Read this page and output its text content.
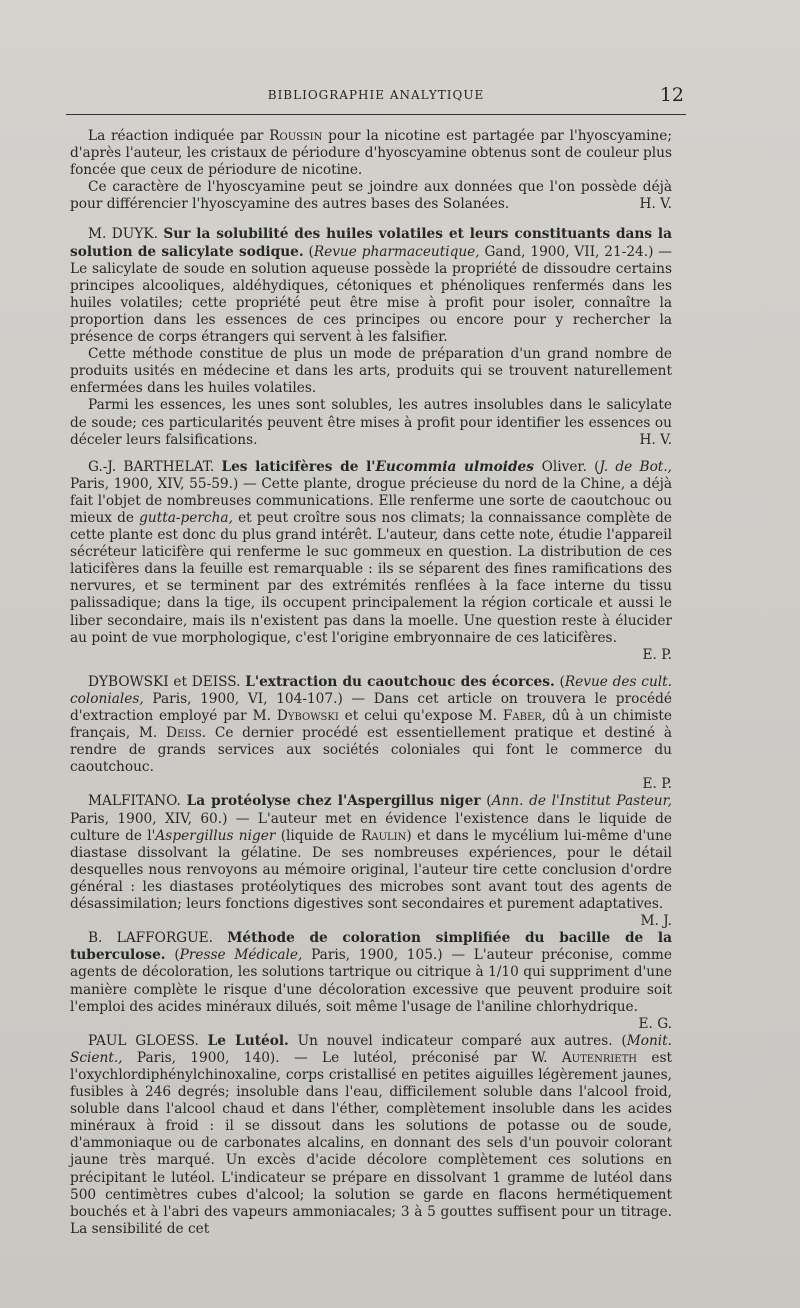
BIBLIOGRAPHIE ANALYTIQUE	12

La réaction indiquée par Roussin pour la nicotine est partagée par l'hyoscyamine; d'après l'auteur, les cristaux de périodure d'hyoscyamine obtenus sont de couleur plus foncée que ceux de périodure de nicotine.

Ce caractère de l'hyoscyamine peut se joindre aux données que l'on possède déjà pour différencier l'hyoscyamine des autres bases des Solanées.	H. V.

M. DUYK. Sur la solubilité des huiles volatiles et leurs constituants dans la solution de salicylate sodique. (Revue pharmaceutique, Gand, 1900, VII, 21-24.) — Le salicylate de soude en solution aqueuse possède la propriété de dissoudre certains principes alcooliques, aldéhydiques, cétoniques et phénoliques renfermés dans les huiles volatiles; cette propriété peut être mise à profit pour isoler, connaître la proportion dans les essences de ces principes ou encore pour y rechercher la présence de corps étrangers qui servent à les falsifier.

Cette méthode constitue de plus un mode de préparation d'un grand nombre de produits usités en médecine et dans les arts, produits qui se trouvent naturellement enfermées dans les huiles volatiles.

Parmi les essences, les unes sont solubles, les autres insolubles dans le salicylate de soude; ces particularités peuvent être mises à profit pour identifier les essences ou déceler leurs falsifications.	H. V.

G.-J. BARTHELAT. Les laticifères de l'Eucommia ulmoides Oliver. (J. de Bot., Paris, 1900, XIV, 55-59.) — Cette plante, drogue précieuse du nord de la Chine, a déjà fait l'objet de nombreuses communications. Elle renferme une sorte de caoutchouc ou mieux de gutta-percha, et peut croître sous nos climats; la connaissance complète de cette plante est donc du plus grand intérêt. L'auteur, dans cette note, étudie l'appareil sécréteur laticifère qui renferme le suc gommeux en question. La distribution de ces laticifères dans la feuille est remarquable : ils se séparent des fines ramifications des nervures, et se terminent par des extrémités renflées à la face interne du tissu palissadique; dans la tige, ils occupent principalement la région corticale et aussi le liber secondaire, mais ils n'existent pas dans la moelle. Une question reste à élucider au point de vue morphologique, c'est l'origine embryonnaire de ces laticifères.

E. P.

DYBOWSKI et DEISS. L'extraction du caoutchouc des écorces. (Revue des cult. coloniales, Paris, 1900, VI, 104-107.) — Dans cet article on trouvera le procédé d'extraction employé par M. Dybowski et celui qu'expose M. Faber, dû à un chimiste français, M. Deiss. Ce dernier procédé est essentiellement pratique et destiné à rendre de grands services aux sociétés coloniales qui font le commerce du caoutchouc.

E. P.

MALFITANO. La protéolyse chez l'Aspergillus niger (Ann. de l'Institut Pasteur, Paris, 1900, XIV, 60.) — L'auteur met en évidence l'existence dans le liquide de culture de l'Aspergillus niger (liquide de Raulin) et dans le mycélium lui-même d'une diastase dissolvant la gélatine. De ses nombreuses expériences, pour le détail desquelles nous renvoyons au mémoire original, l'auteur tire cette conclusion d'ordre général : les diastases protéolytiques des microbes sont avant tout des agents de désassimilation; leurs fonctions digestives sont secondaires et purement adaptatives.

M. J.

B. LAFFORGUE. Méthode de coloration simplifiée du bacille de la tuberculose. (Presse Médicale, Paris, 1900, 105.) — L'auteur préconise, comme agents de décoloration, les solutions tartrique ou citrique à 1/10 qui suppriment d'une manière complète le risque d'une décoloration excessive que peuvent produire soit l'emploi des acides minéraux dilués, soit même l'usage de l'aniline chlorhydrique.

E. G.

PAUL GLOESS. Le Lutéol. Un nouvel indicateur comparé aux autres. (Monit. Scient., Paris, 1900, 140). — Le lutéol, préconisé par W. Autenrieth est l'oxychlordiphénylchinoxaline, corps cristallisé en petites aiguilles légèrement jaunes, fusibles à 246 degrés; insoluble dans l'eau, difficilement soluble dans l'alcool froid, soluble dans l'alcool chaud et dans l'éther, complètement insoluble dans les acides minéraux à froid : il se dissout dans les solutions de potasse ou de soude, d'ammoniaque ou de carbonates alcalins, en donnant des sels d'un pouvoir colorant jaune très marqué. Un excès d'acide décolore complètement ces solutions en précipitant le lutéol. L'indicateur se prépare en dissolvant 1 gramme de lutéol dans 500 centimètres cubes d'alcool; la solution se garde en flacons hermétiquement bouchés et à l'abri des vapeurs ammoniacales; 3 à 5 gouttes suffisent pour un titrage. La sensibilité de cet
